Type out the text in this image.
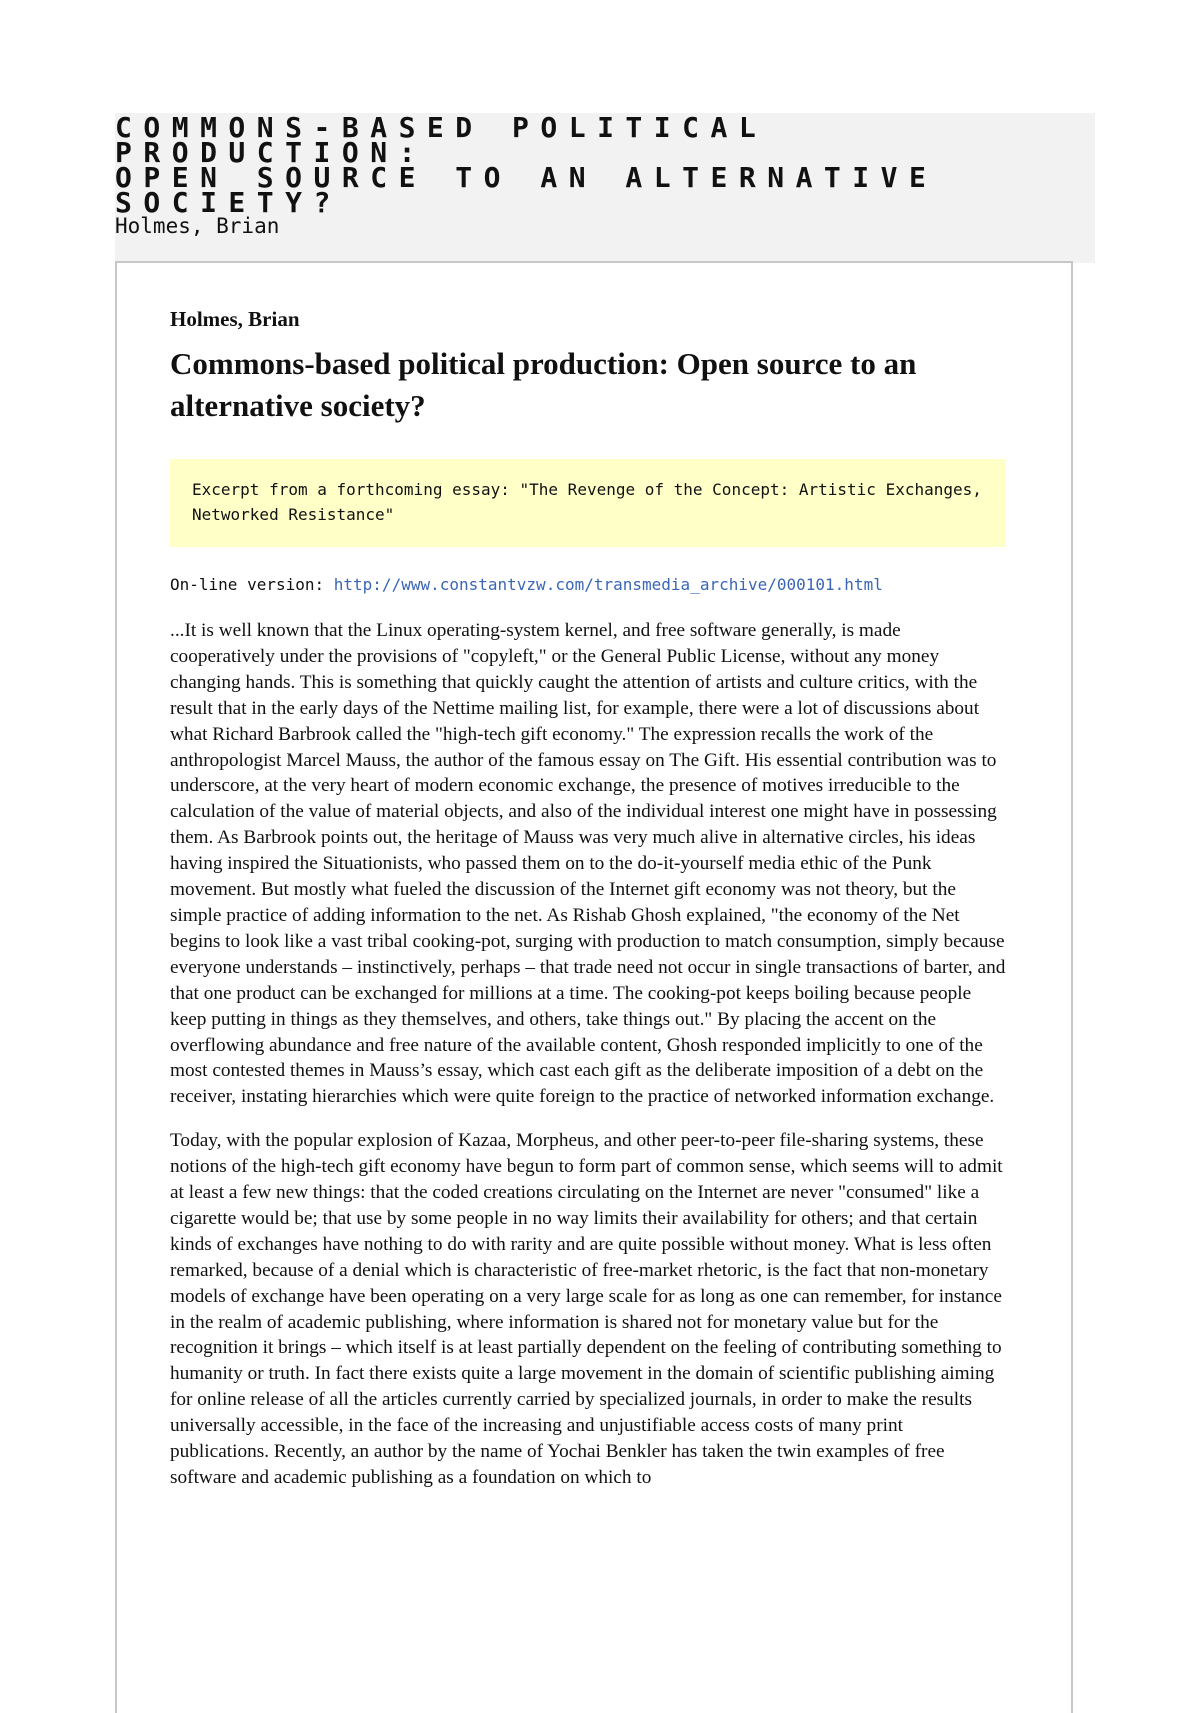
COMMONS-BASED POLITICAL PRODUCTION:
OPEN SOURCE TO AN ALTERNATIVE
SOCIETY?
Holmes, Brian
Holmes, Brian
Commons-based political production: Open source to an alternative society?
Excerpt from a forthcoming essay: "The Revenge of the Concept: Artistic Exchanges, Networked Resistance"
On-line version: http://www.constantvzw.com/transmedia_archive/000101.html

...It is well known that the Linux operating-system kernel, and free software generally, is made cooperatively under the provisions of "copyleft," or the General Public License, without any money changing hands. This is something that quickly caught the attention of artists and culture critics, with the result that in the early days of the Nettime mailing list, for example, there were a lot of discussions about what Richard Barbrook called the "high-tech gift economy." The expression recalls the work of the anthropologist Marcel Mauss, the author of the famous essay on The Gift. His essential contribution was to underscore, at the very heart of modern economic exchange, the presence of motives irreducible to the calculation of the value of material objects, and also of the individual interest one might have in possessing them. As Barbrook points out, the heritage of Mauss was very much alive in alternative circles, his ideas having inspired the Situationists, who passed them on to the do-it-yourself media ethic of the Punk movement. But mostly what fueled the discussion of the Internet gift economy was not theory, but the simple practice of adding information to the net. As Rishab Ghosh explained, "the economy of the Net begins to look like a vast tribal cooking-pot, surging with production to match consumption, simply because everyone understands – instinctively, perhaps – that trade need not occur in single transactions of barter, and that one product can be exchanged for millions at a time. The cooking-pot keeps boiling because people keep putting in things as they themselves, and others, take things out." By placing the accent on the overflowing abundance and free nature of the available content, Ghosh responded implicitly to one of the most contested themes in Mauss’s essay, which cast each gift as the deliberate imposition of a debt on the receiver, instating hierarchies which were quite foreign to the practice of networked information exchange.

Today, with the popular explosion of Kazaa, Morpheus, and other peer-to-peer file-sharing systems, these notions of the high-tech gift economy have begun to form part of common sense, which seems will to admit at least a few new things: that the coded creations circulating on the Internet are never "consumed" like a cigarette would be; that use by some people in no way limits their availability for others; and that certain kinds of exchanges have nothing to do with rarity and are quite possible without money. What is less often remarked, because of a denial which is characteristic of free-market rhetoric, is the fact that non-monetary models of exchange have been operating on a very large scale for as long as one can remember, for instance in the realm of academic publishing, where information is shared not for monetary value but for the recognition it brings – which itself is at least partially dependent on the feeling of contributing something to humanity or truth. In fact there exists quite a large movement in the domain of scientific publishing aiming for online release of all the articles currently carried by specialized journals, in order to make the results universally accessible, in the face of the increasing and unjustifiable access costs of many print publications. Recently, an author by the name of Yochai Benkler has taken the twin examples of free software and academic publishing as a foundation on which to
